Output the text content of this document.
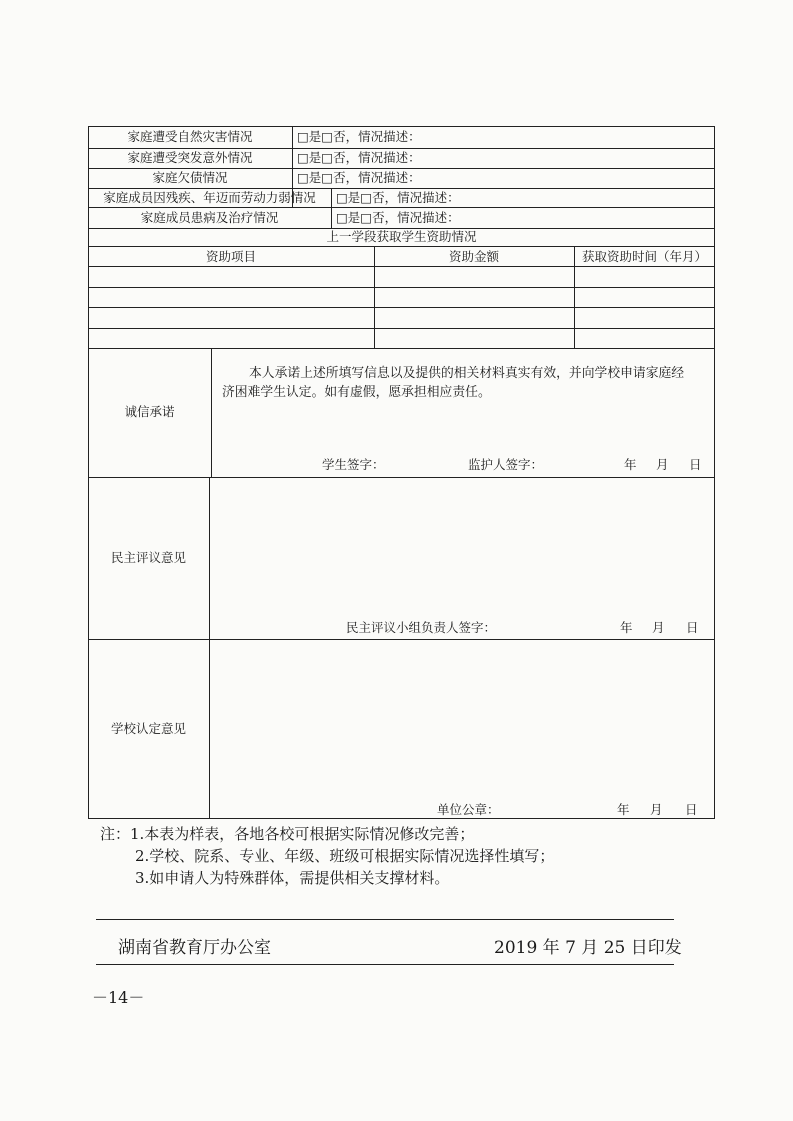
家庭遭受自然灾害情况	□是□否，情况描述：
家庭遭受突发意外情况	□是□否，情况描述：
家庭欠债情况	□是□否，情况描述：
家庭成员因残疾、年迈而劳动力弱情况	□是□否，情况描述：
家庭成员患病及治疗情况	□是□否，情况描述：
上一学段获取学生资助情况
资助项目	资助金额	获取资助时间（年月）
诚信承诺
本人承诺上述所填写信息以及提供的相关材料真实有效，并向学校申请家庭经
济困难学生认定。如有虚假，愿承担相应责任。
学生签字：	监护人签字：	年 月 日
民主评议意见
民主评议小组负责人签字：	年 月 日
学校认定意见
单位公章：	年 月 日
注：1.本表为样表，各地各校可根据实际情况修改完善；
2.学校、院系、专业、年级、班级可根据实际情况选择性填写；
3.如申请人为特殊群体，需提供相关支撑材料。
湖南省教育厅办公室	2019 年 7 月 25 日印发
－14－
